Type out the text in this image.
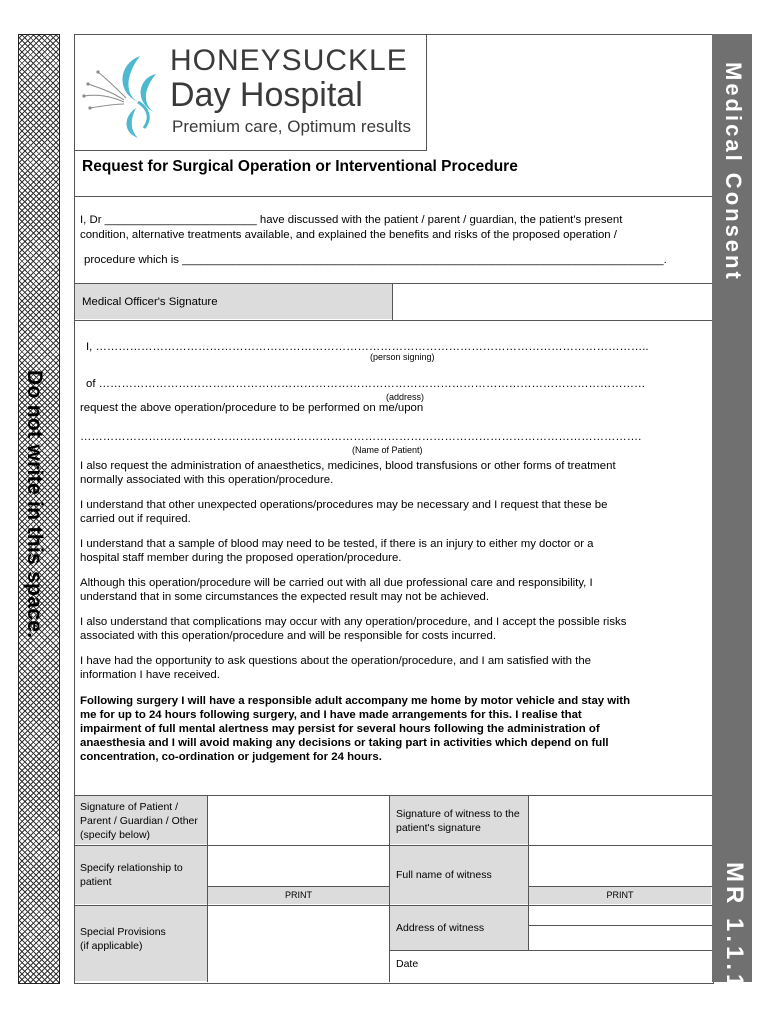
Do not write in this space.
HONEYSUCKLE
Day Hospital
Premium care, Optimum results	Medical Consent
MR 1.1.1
Request for Surgical Operation or Interventional Procedure
I, Dr ________________________ have discussed with the patient / parent / guardian, the patient's present
condition, alternative treatments available, and explained the benefits and risks of the proposed operation /
procedure which is ____________________________________________________________________________.
Medical Officer's Signature
I, ………………………………………………………………………………………………………………………………..
(person signing)
of ………………………………………………………………………………………………………………………………
(address)
request the above operation/procedure to be performed on me/upon
………………………………………………………………………………………………………………………………….
(Name of Patient)
I also request the administration of anaesthetics, medicines, blood transfusions or other forms of treatment
normally associated with this operation/procedure.
I understand that other unexpected operations/procedures may be necessary and I request that these be
carried out if required.
I understand that a sample of blood may need to be tested, if there is an injury to either my doctor or a
hospital staff member during the proposed operation/procedure.
Although this operation/procedure will be carried out with all due professional care and responsibility, I
understand that in some circumstances the expected result may not be achieved.
I also understand that complications may occur with any operation/procedure, and I accept the possible risks
associated with this operation/procedure and will be responsible for costs incurred.
I have had the opportunity to ask questions about the operation/procedure, and I am satisfied with the
information I have received.
Following surgery I will have a responsible adult accompany me home by motor vehicle and stay with
me for up to 24 hours following surgery, and I have made arrangements for this. I realise that
impairment of full mental alertness may persist for several hours following the administration of
anaesthesia and I will avoid making any decisions or taking part in activities which depend on full
concentration, co-ordination or judgement for 24 hours.
Signature of Patient /
Parent / Guardian / Other
(specify below)
Signature of witness to the
patient's signature
Specify relationship to
patient
Full name of witness
PRINT	PRINT
Special Provisions
(if applicable)
Address of witness
Date
